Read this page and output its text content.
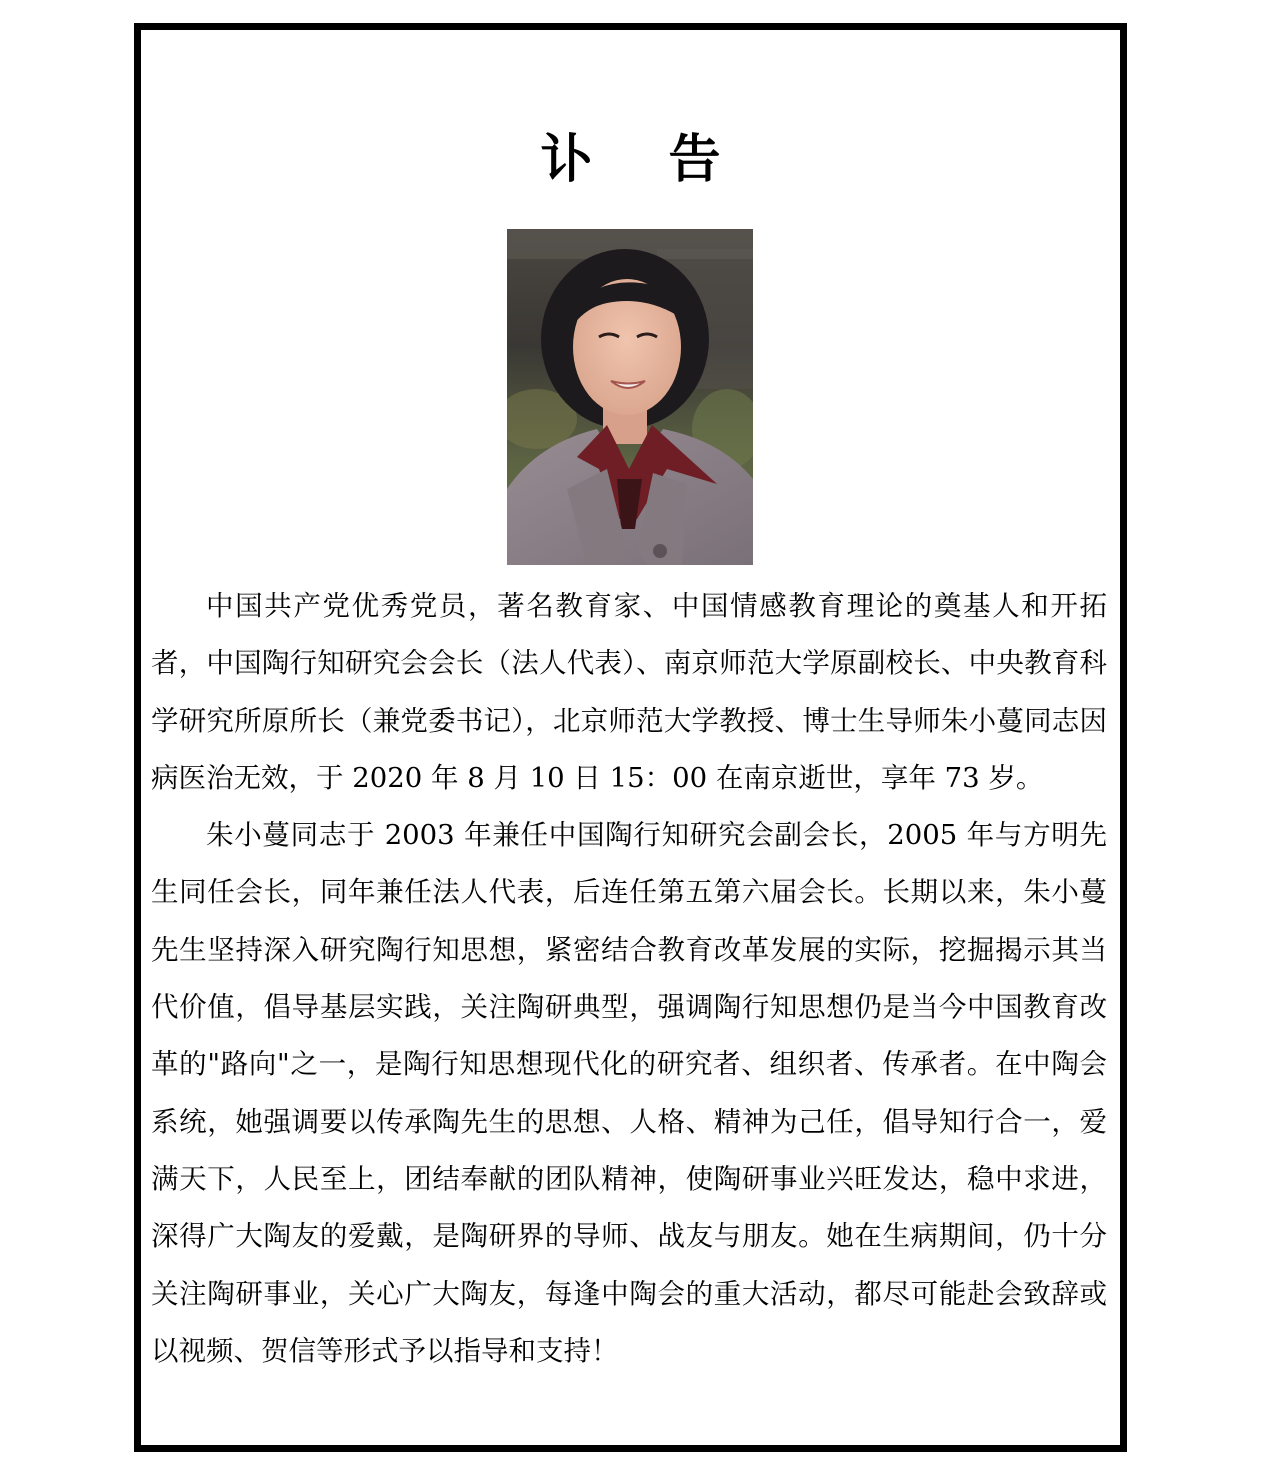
讣 告

中国共产党优秀党员，著名教育家、中国情感教育理论的奠基人和开拓者，中国陶行知研究会会长（法人代表）、南京师范大学原副校长、中央教育科学研究所原所长（兼党委书记），北京师范大学教授、博士生导师朱小蔓同志因病医治无效，于 2020 年 8 月 10 日 15：00 在南京逝世，享年 73 岁。

朱小蔓同志于 2003 年兼任中国陶行知研究会副会长，2005 年与方明先生同任会长，同年兼任法人代表，后连任第五第六届会长。长期以来，朱小蔓先生坚持深入研究陶行知思想，紧密结合教育改革发展的实际，挖掘揭示其当代价值，倡导基层实践，关注陶研典型，强调陶行知思想仍是当今中国教育改革的"路向"之一，是陶行知思想现代化的研究者、组织者、传承者。在中陶会系统，她强调要以传承陶先生的思想、人格、精神为己任，倡导知行合一，爱满天下，人民至上，团结奉献的团队精神，使陶研事业兴旺发达，稳中求进，深得广大陶友的爱戴，是陶研界的导师、战友与朋友。她在生病期间，仍十分关注陶研事业，关心广大陶友，每逢中陶会的重大活动，都尽可能赴会致辞或以视频、贺信等形式予以指导和支持！
